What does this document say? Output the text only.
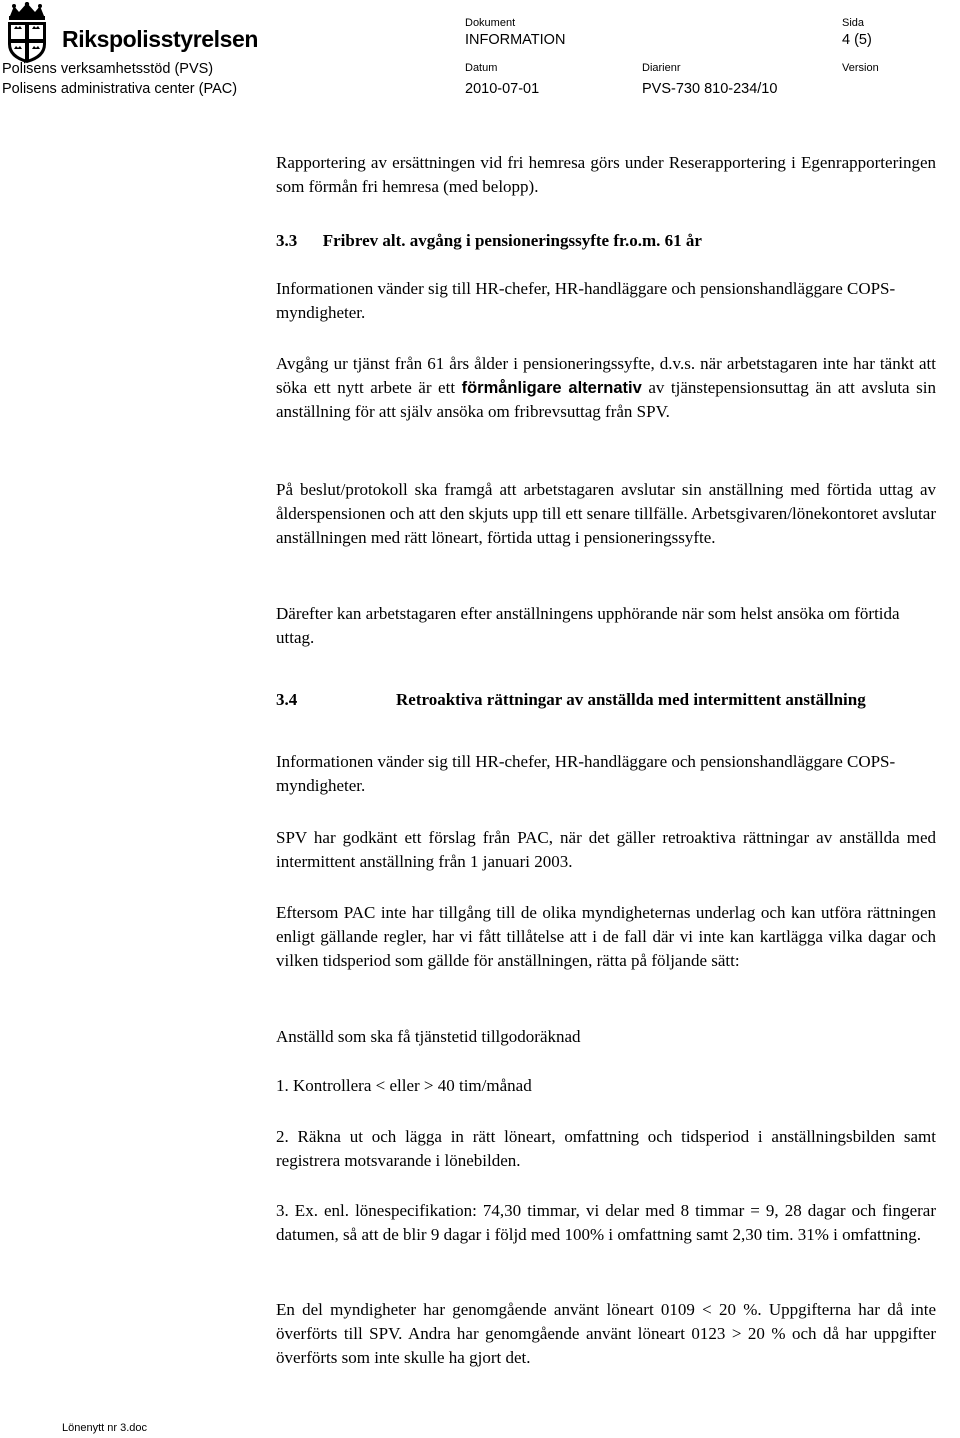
Rikspolisstyrelsen
Dokument
INFORMATION
Sida
4 (5)
Polisens verksamhetsstöd (PVS)
Polisens administrativa center (PAC)
Datum
2010-07-01
Diarienr
PVS-730 810-234/10
Version

Rapportering av ersättningen vid fri hemresa görs under Reserapportering i Egenrapporteringen som förmån fri hemresa (med belopp).

3.3      Fribrev alt. avgång i pensioneringssyfte fr.o.m. 61 år

Informationen vänder sig till HR-chefer, HR-handläggare och pensionshandläggare COPS-myndigheter.

Avgång ur tjänst från 61 års ålder i pensioneringssyfte, d.v.s. när arbetstagaren inte har tänkt att söka ett nytt arbete är ett förmånligare alternativ av tjänstepensionsuttag än att avsluta sin anställning för att själv ansöka om fribrevsuttag från SPV.

På beslut/protokoll ska framgå att arbetstagaren avslutar sin anställning med förtida uttag av ålderspensionen och att den skjuts upp till ett senare tillfälle. Arbetsgivaren/lönekontoret avslutar anställningen med rätt löneart, förtida uttag i pensioneringssyfte.

Därefter kan arbetstagaren efter anställningens upphörande när som helst ansöka om förtida uttag.

3.4	Retroaktiva rättningar av anställda med intermittent anställning

Informationen vänder sig till HR-chefer, HR-handläggare och pensionshandläggare COPS-myndigheter.

SPV har godkänt ett förslag från PAC, när det gäller retroaktiva rättningar av anställda med intermittent anställning från 1 januari 2003.

Eftersom PAC inte har tillgång till de olika myndigheternas underlag och kan utföra rättningen enligt gällande regler, har vi fått tillåtelse att i de fall där vi inte kan kartlägga vilka dagar och vilken tidsperiod som gällde för anställningen, rätta på följande sätt:

Anställd som ska få tjänstetid tillgodoräknad

1. Kontrollera < eller > 40 tim/månad

2. Räkna ut och lägga in rätt löneart, omfattning och tidsperiod i anställningsbilden samt registrera motsvarande i lönebilden.

3. Ex. enl. lönespecifikation: 74,30 timmar, vi delar med 8 timmar = 9, 28 dagar och fingerar datumen, så att de blir 9 dagar i följd med 100% i omfattning samt 2,30 tim. 31% i omfattning.

En del myndigheter har genomgående använt löneart 0109 < 20 %. Uppgifterna har då inte överförts till SPV. Andra har genomgående använt löneart 0123 > 20 % och då har uppgifter överförts som inte skulle ha gjort det.

Lönenytt nr 3.doc
